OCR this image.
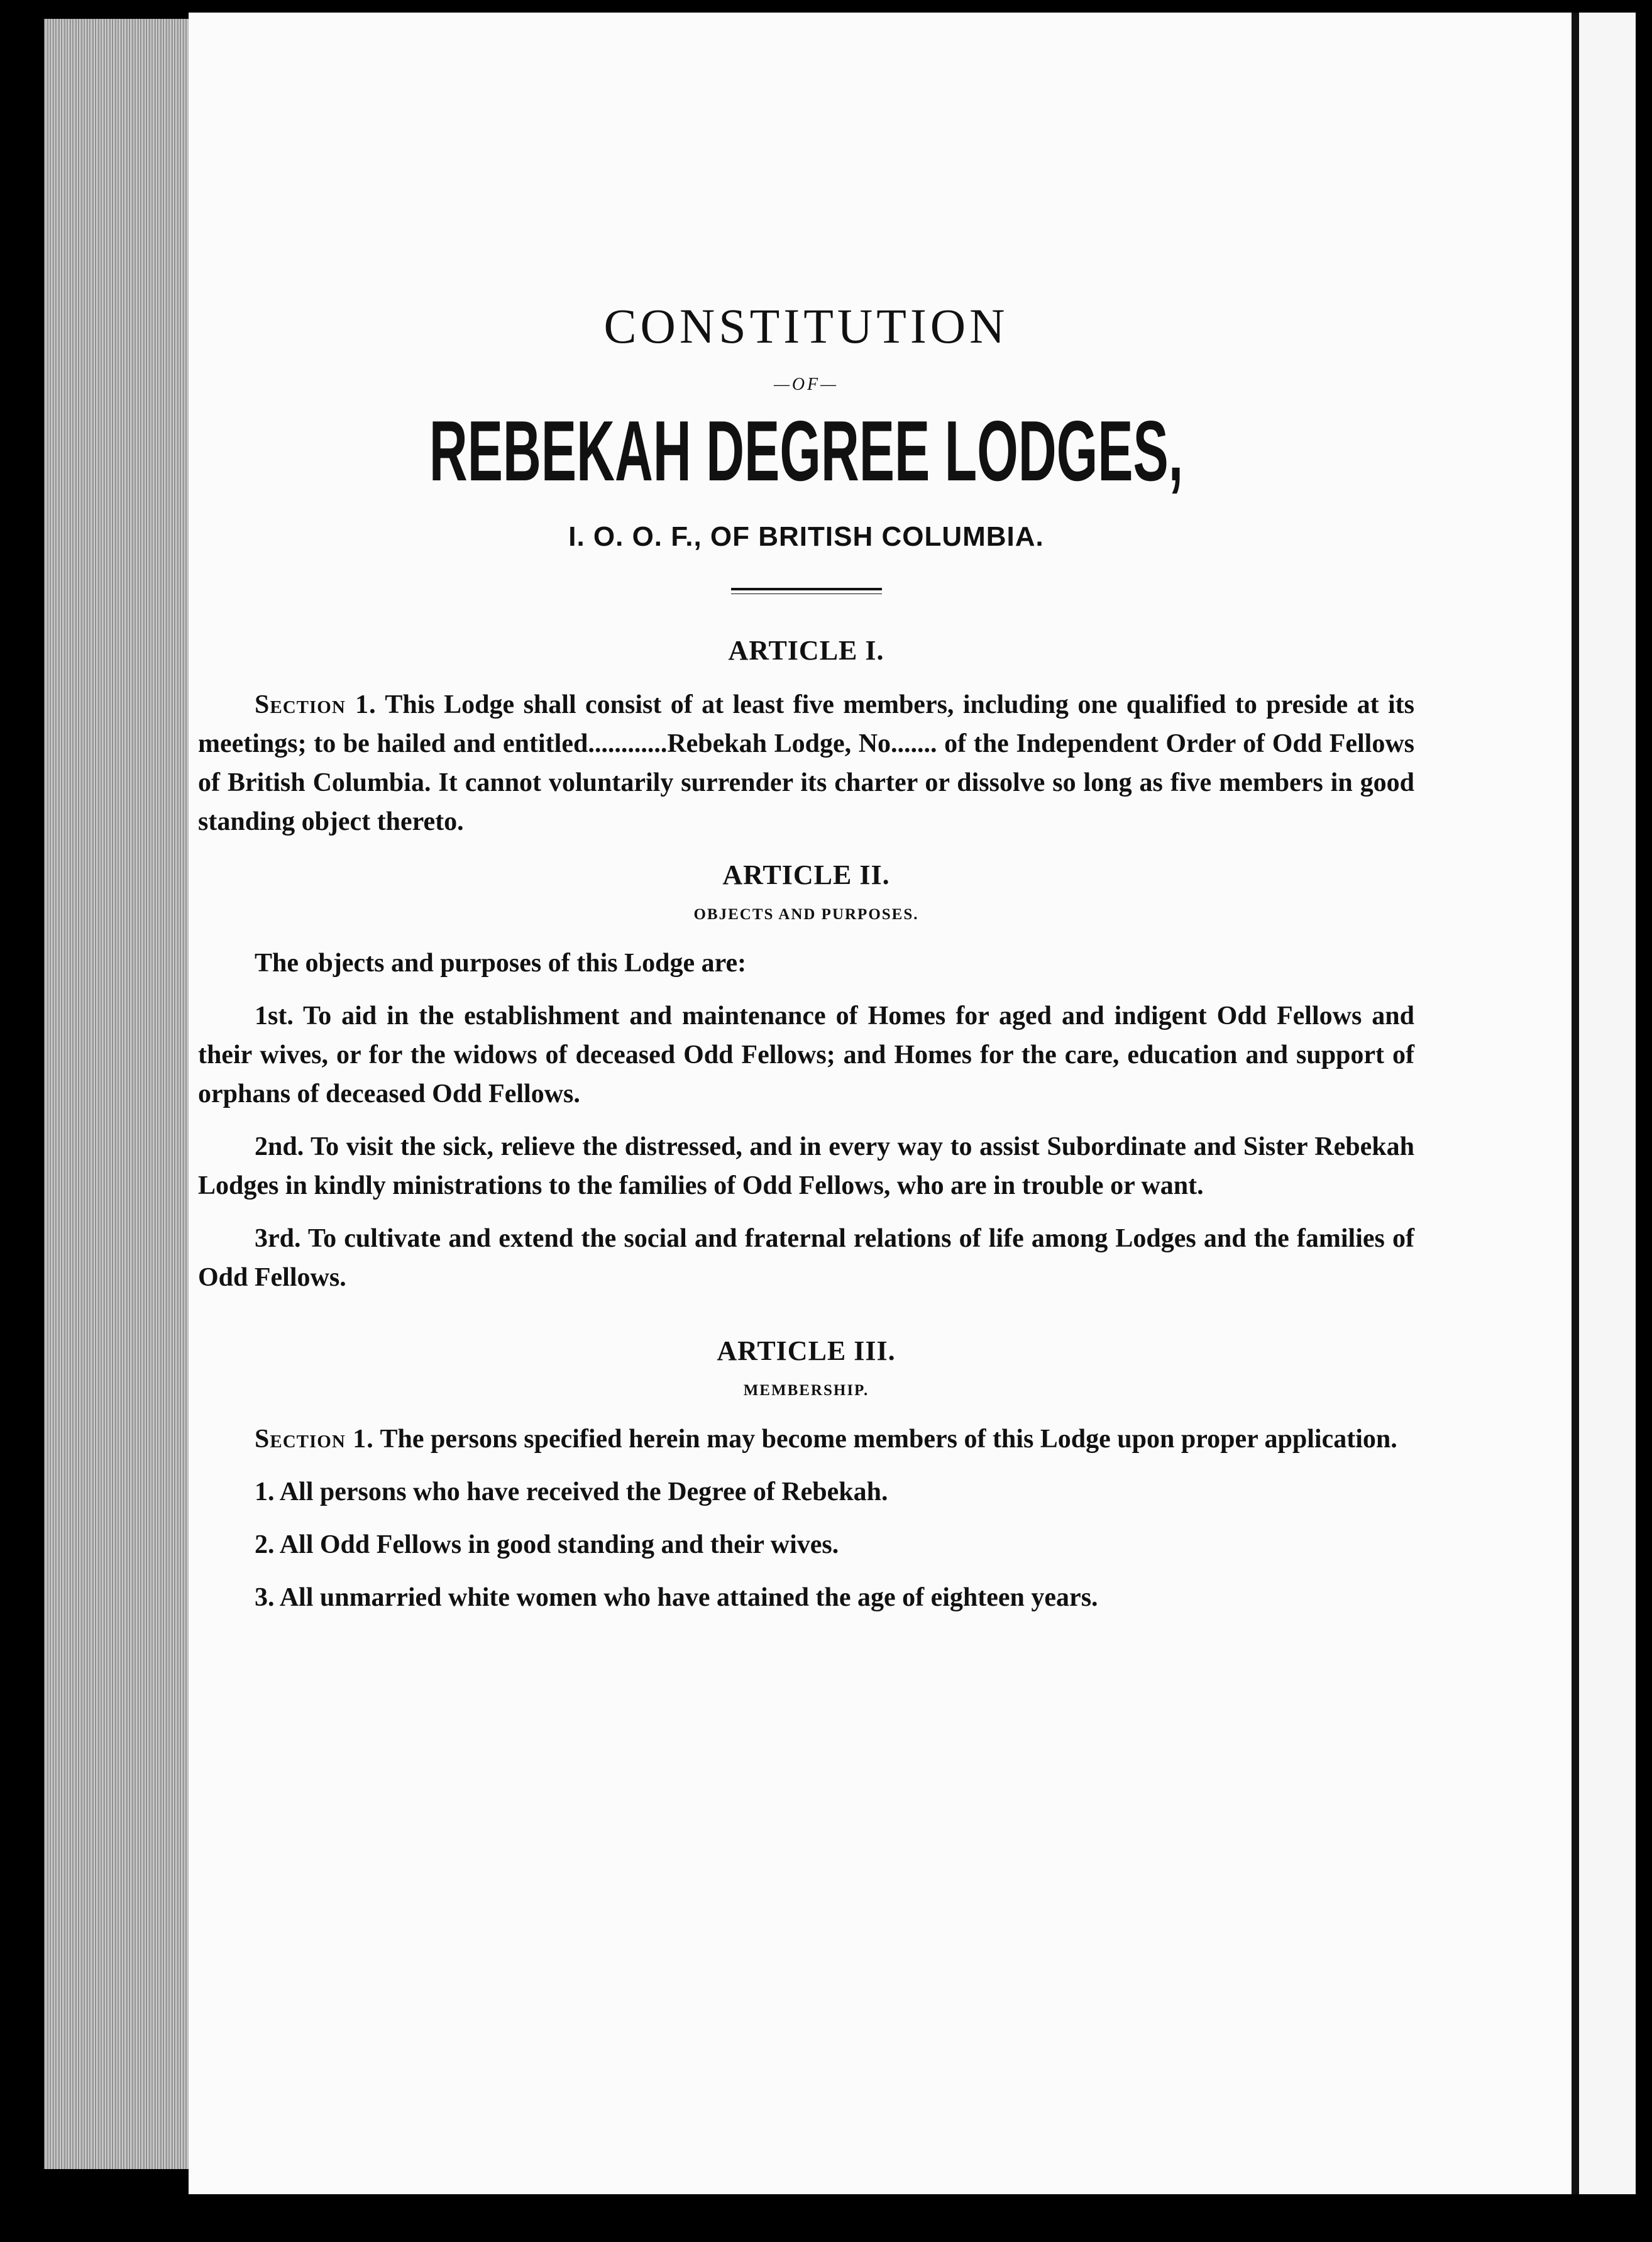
CONSTITUTION
—OF—
REBEKAH DEGREE LODGES,
I. O. O. F., OF BRITISH COLUMBIA.
ARTICLE I.

Section 1. This Lodge shall consist of at least five members, including one qualified to preside at its meetings; to be hailed and entitled............Rebekah Lodge, No....... of the Independent Order of Odd Fellows of British Columbia. It cannot voluntarily surrender its charter or dissolve so long as five members in good standing object thereto.

ARTICLE II.
OBJECTS AND PURPOSES.

The objects and purposes of this Lodge are:

1st. To aid in the establishment and maintenance of Homes for aged and indigent Odd Fellows and their wives, or for the widows of deceased Odd Fellows; and Homes for the care, education and support of orphans of deceased Odd Fellows.

2nd. To visit the sick, relieve the distressed, and in every way to assist Subordinate and Sister Rebekah Lodges in kindly ministrations to the families of Odd Fellows, who are in trouble or want.

3rd. To cultivate and extend the social and fraternal relations of life among Lodges and the families of Odd Fellows.

ARTICLE III.
MEMBERSHIP.

Section 1. The persons specified herein may become members of this Lodge upon proper application.

1. All persons who have received the Degree of Rebekah.

2. All Odd Fellows in good standing and their wives.

3. All unmarried white women who have attained the age of eighteen years.
